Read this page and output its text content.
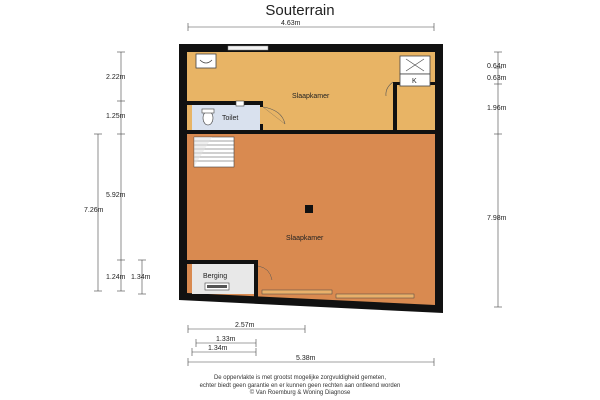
Souterrain
K
Toilet
Slaapkamer
Slaapkamer
Berging
4.63m
2.22m
1.25m
5.92m
1.24m
7.26m
1.34m
0.64m
0.63m
1.96m
7.98m
2.57m
1.33m
1.34m
5.38m
De oppervlakte is met grootst mogelijke zorgvuldigheid gemeten,
echter biedt geen garantie en er kunnen geen rechten aan ontleend worden
© Van Roemburg & Woning Diagnose
